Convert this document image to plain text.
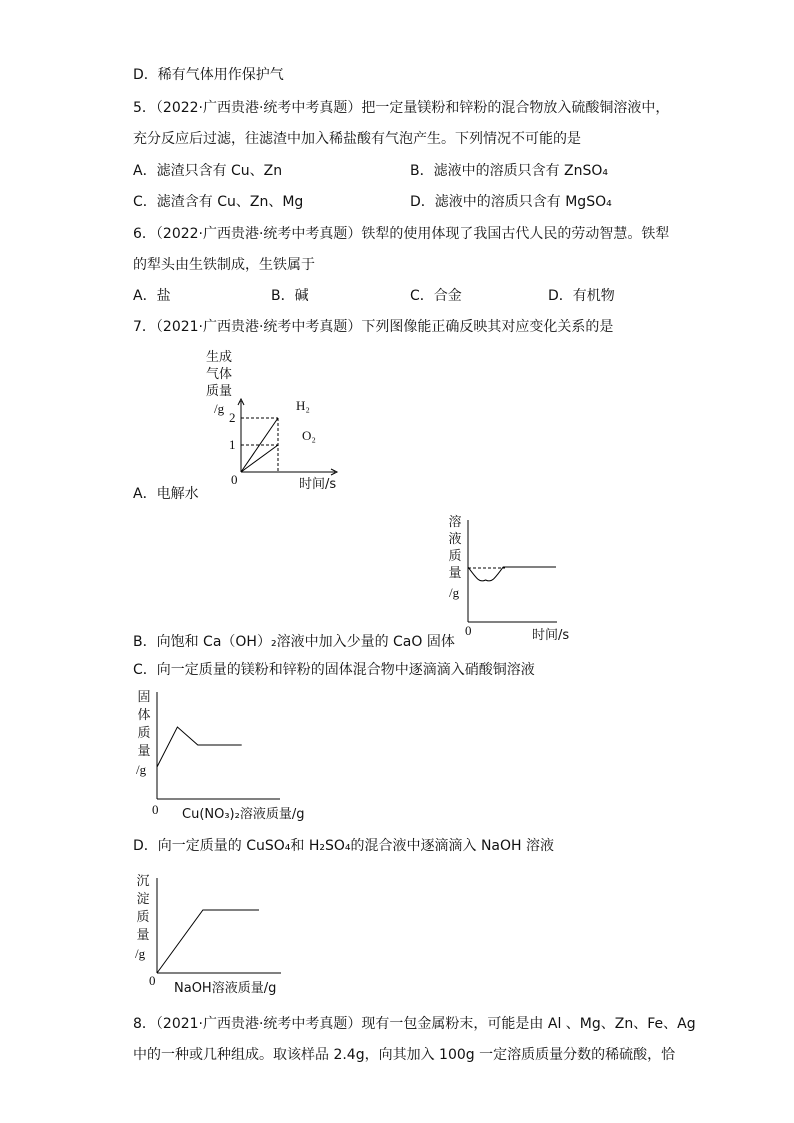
D．稀有气体用作保护气
5．（2022·广西贵港·统考中考真题）把一定量镁粉和锌粉的混合物放入硫酸铜溶液中，
充分反应后过滤，往滤渣中加入稀盐酸有气泡产生。下列情况不可能的是
A．滤渣只含有 Cu、Zn	B．滤液中的溶质只含有 ZnSO₄
C．滤渣含有 Cu、Zn、Mg	D．滤液中的溶质只含有 MgSO₄
6．（2022·广西贵港·统考中考真题）铁犁的使用体现了我国古代人民的劳动智慧。铁犁
的犁头由生铁制成，生铁属于
A．盐	B．碱	C．合金	D．有机物
7．（2021·广西贵港·统考中考真题）下列图像能正确反映其对应变化关系的是
生成
气体
质量
/g
2
1
0	时间/s
H₂
O₂
A．电解水
溶
液
质
量
/g
0	时间/s
B．向饱和 Ca（OH）₂溶液中加入少量的 CaO 固体
C．向一定质量的镁粉和锌粉的固体混合物中逐滴滴入硝酸铜溶液
固
体
质
量
/g
0 Cu(NO₃)₂溶液质量/g
D．向一定质量的 CuSO₄和 H₂SO₄的混合液中逐滴滴入 NaOH 溶液
沉
淀
质
量
/g
0
NaOH溶液质量/g
8．（2021·广西贵港·统考中考真题）现有一包金属粉末，可能是由 Al 、Mg、Zn、Fe、Ag
中的一种或几种组成。取该样品 2.4g，向其加入 100g 一定溶质质量分数的稀硫酸，恰
